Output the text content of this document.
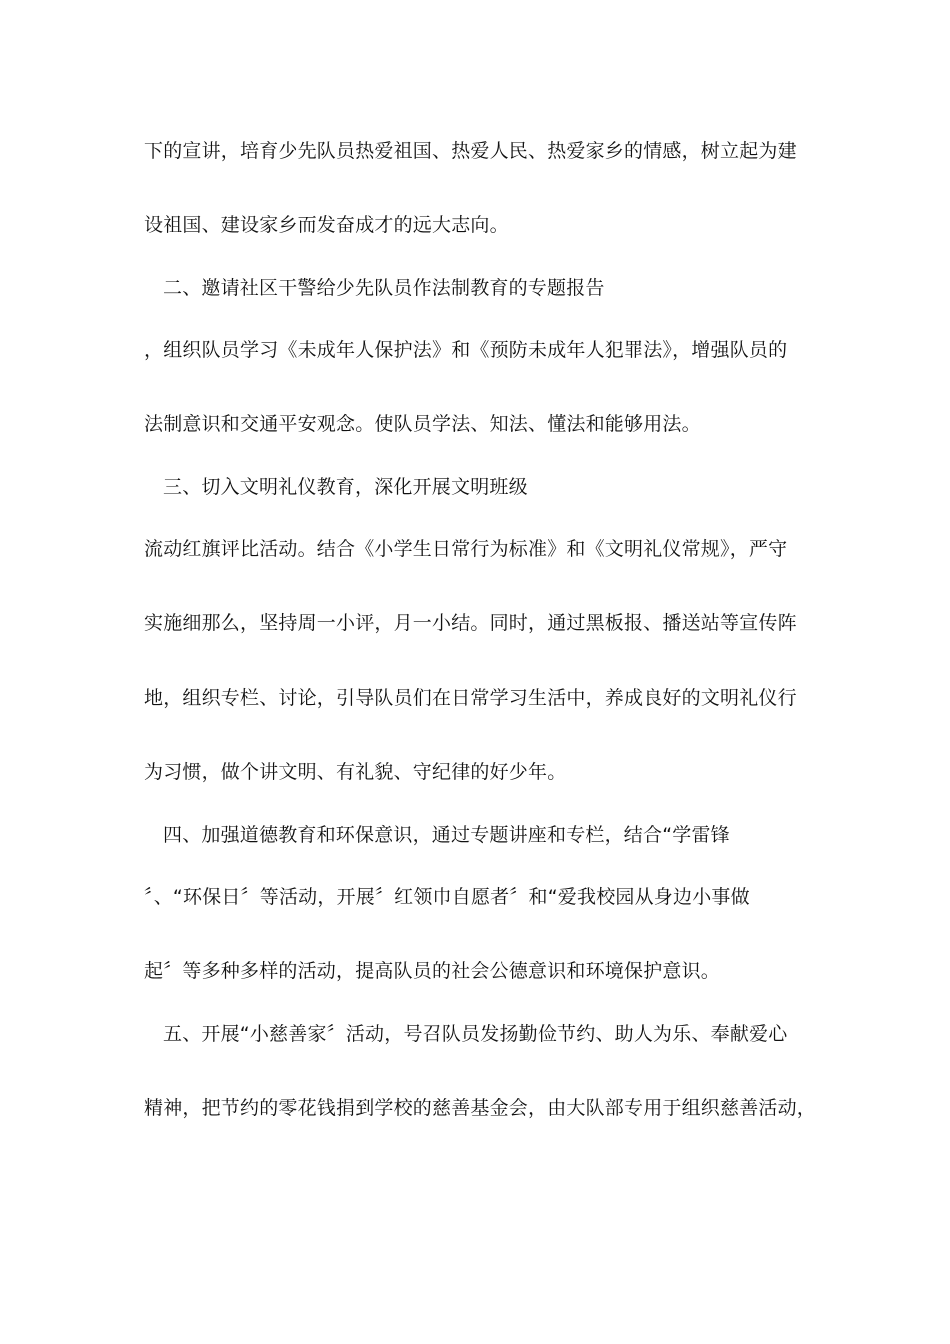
下的宣讲，培育少先队员热爱祖国、热爱人民、热爱家乡的情感，树立起为建
设祖国、建设家乡而发奋成才的远大志向。
二、邀请社区干警给少先队员作法制教育的专题报告
，组织队员学习《未成年人保护法》和《预防未成年人犯罪法》，增强队员的
法制意识和交通平安观念。使队员学法、知法、懂法和能够用法。
三、切入文明礼仪教育，深化开展文明班级
流动红旗评比活动。结合《小学生日常行为标准》和《文明礼仪常规》，严守
实施细那么，坚持周一小评，月一小结。同时，通过黑板报、播送站等宣传阵
地，组织专栏、讨论，引导队员们在日常学习生活中，养成良好的文明礼仪行
为习惯，做个讲文明、有礼貌、守纪律的好少年。
四、加强道德教育和环保意识，通过专题讲座和专栏，结合“学雷锋
〞、“环保日〞等活动，开展〞红领巾自愿者〞和“爱我校园从身边小事做
起〞等多种多样的活动，提高队员的社会公德意识和环境保护意识。
五、开展“小慈善家〞活动，号召队员发扬勤俭节约、助人为乐、奉献爱心
精神，把节约的零花钱捐到学校的慈善基金会，由大队部专用于组织慈善活动，
